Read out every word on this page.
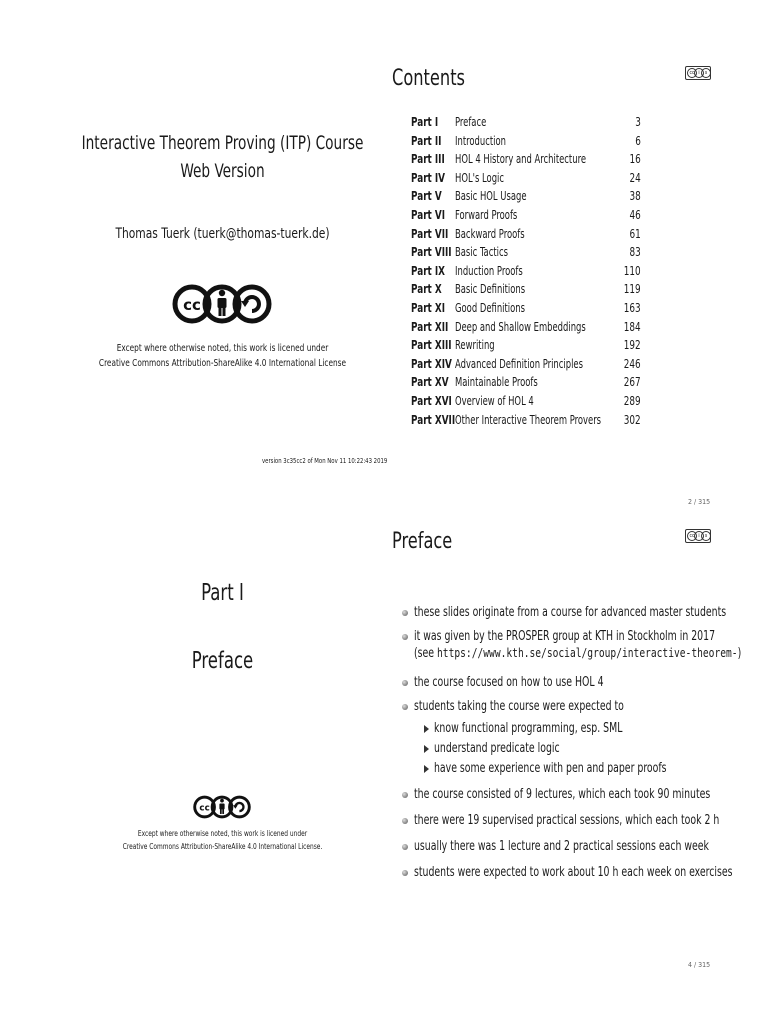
Interactive Theorem Proving (ITP) Course
Web Version
Thomas Tuerk (tuerk@thomas-tuerk.de)
cc
Except where otherwise noted, this work is licened under
Creative Commons Attribution-ShareAlike 4.0 International License
version 3c35cc2 of Mon Nov 11 10:22:43 2019
Contents	cc i	s
Part I Preface	3
Part II Introduction	6
Part III HOL 4 History and Architecture	16
Part IV HOL's Logic	24
Part V Basic HOL Usage	38
Part VI Forward Proofs	46
Part VII Backward Proofs	61
Part VIII Basic Tactics	83
Part IX Induction Proofs	110
Part X Basic Definitions	119
Part XI Good Definitions	163
Part XII Deep and Shallow Embeddings	184
Part XIII Rewriting	192
Part XIV Advanced Definition Principles	246
Part XV Maintainable Proofs	267
Part XVI Overview of HOL 4	289
Part XVII Other Interactive Theorem Provers 302
2 / 315
Part I
Preface
cc
Except where otherwise noted, this work is licened under
Creative Commons Attribution-ShareAlike 4.0 International License.
Preface	cc i	s
these slides originate from a course for advanced master students
it was given by the PROSPER group at KTH in Stockholm in 2017
(see https://www.kth.se/social/group/interactive-theorem-)
the course focused on how to use HOL 4
students taking the course were expected to
know functional programming, esp. SML
understand predicate logic
have some experience with pen and paper proofs
the course consisted of 9 lectures, which each took 90 minutes
there were 19 supervised practical sessions, which each took 2 h
usually there was 1 lecture and 2 practical sessions each week
students were expected to work about 10 h each week on exercises
4 / 315
